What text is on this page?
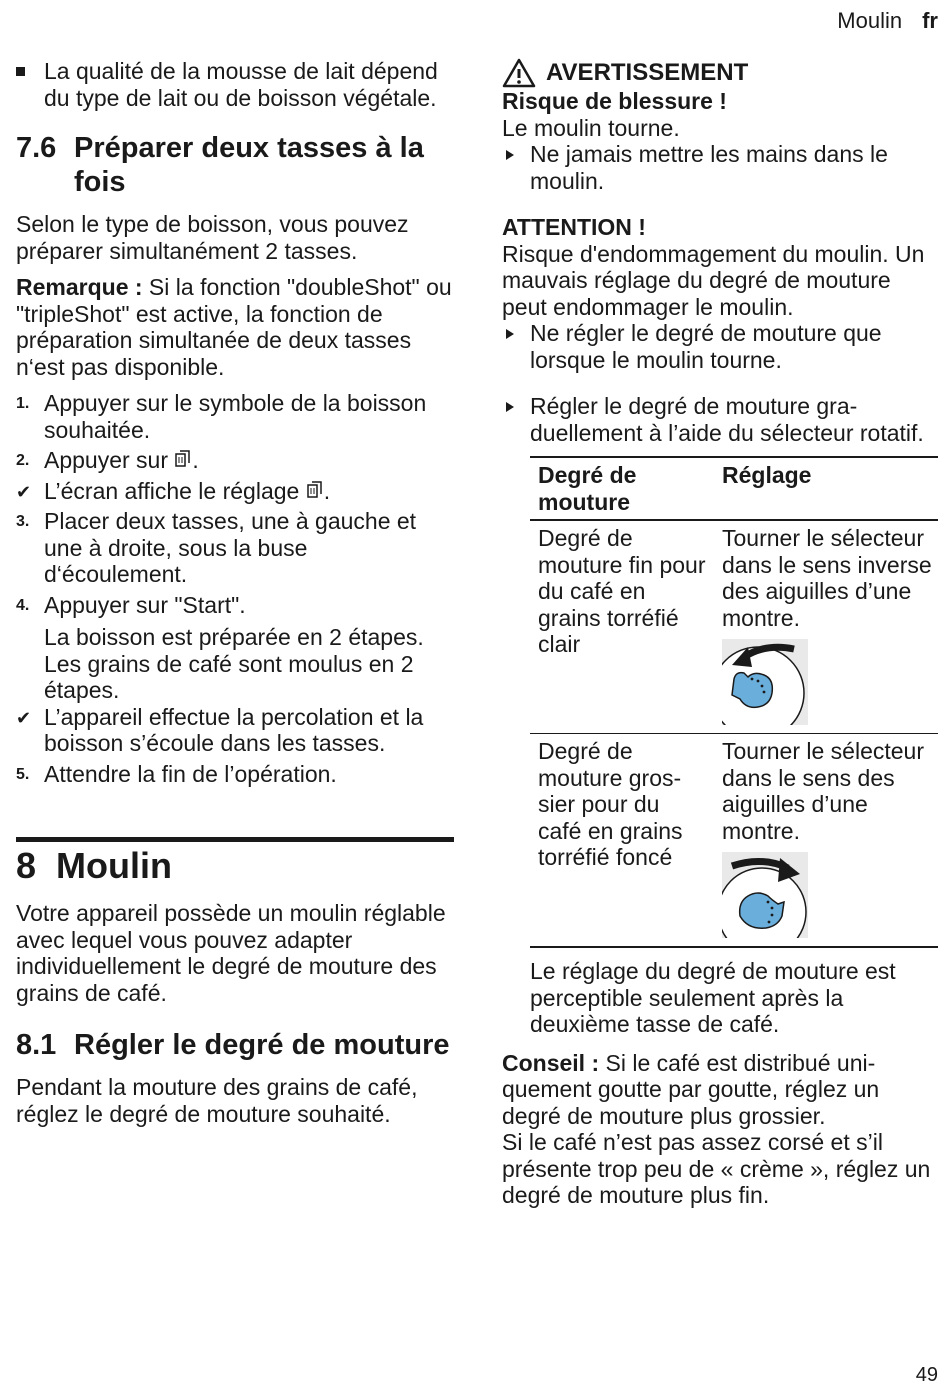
Moulin fr
La qualité de la mousse de lait dépend du type de lait ou de boisson végétale.
7.6 Préparer deux tasses à la fois

Selon le type de boisson, vous pouvez préparer simultanément 2 tasses.

Remarque : Si la fonction "doubleShot" ou "tripleShot" est active, la fonction de préparation simultanée de deux tasses n‘est pas disponible.

1. Appuyer sur le symbole de la boisson souhaitée.
2. Appuyer sur .
✔ L’écran affiche le réglage .
3. Placer deux tasses, une à gauche et une à droite, sous la buse d‘écoulement.
4. Appuyer sur "Start".
La boisson est préparée en 2 étapes. Les grains de café sont moulus en 2 étapes.
✔ L’appareil effectue la percolation et la boisson s’écoule dans les tasses.
5. Attendre la fin de l’opération.
8 Moulin

Votre appareil possède un moulin réglable avec lequel vous pouvez adapter individuellement le degré de mouture des grains de café.

8.1 Régler le degré de mouture

Pendant la mouture des grains de café, réglez le degré de mouture souhaité.

AVERTISSEMENT

Risque de blessure !

Le moulin tourne.

Ne jamais mettre les mains dans le moulin.

ATTENTION !

Risque d'endommagement du moulin. Un mauvais réglage du degré de mouture peut endommager le moulin.

Ne régler le degré de mouture que lorsque le moulin tourne.
Régler le degré de mouture graduellement à l’aide du sélecteur rotatif.
Degré de mouture	Réglage
Degré de mouture fin pour du café en grains torréfié clair	Tourner le sélecteur dans le sens inverse des aiguilles d’une montre.

Degré de mouture grossier pour du café en grains torréfié foncé	Tourner le sélecteur dans le sens des aiguilles d’une montre.

Le réglage du degré de mouture est perceptible seulement après la deuxième tasse de café.

Conseil : Si le café est distribué uniquement goutte par goutte, réglez un degré de mouture plus grossier.

Si le café n’est pas assez corsé et s’il présente trop peu de « crème », réglez un degré de mouture plus fin.

49
